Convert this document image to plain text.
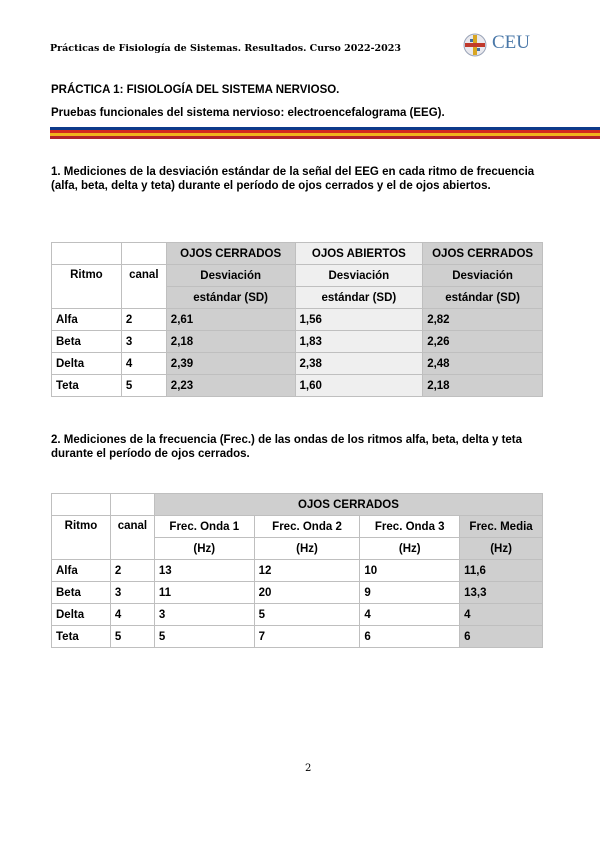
Prácticas de Fisiología de Sistemas. Resultados. Curso 2022-2023	CEU
PRÁCTICA 1: FISIOLOGÍA DEL SISTEMA NERVIOSO.
Pruebas funcionales del sistema nervioso: electroencefalograma (EEG).
1. Mediciones de la desviación estándar de la señal del EEG en cada ritmo de frecuencia (alfa, beta, delta y teta) durante el período de ojos cerrados y el de ojos abiertos.
		OJOS CERRADOS	OJOS ABIERTOS	OJOS CERRADOS
Ritmo	canal	Desviación	Desviación	Desviación
		estándar (SD)	estándar (SD)	estándar (SD)
Alfa	2	2,61	1,56	2,82
Beta	3	2,18	1,83	2,26
Delta	4	2,39	2,38	2,48
Teta	5	2,23	1,60	2,18
2. Mediciones de la frecuencia (Frec.) de las ondas de los ritmos alfa, beta, delta y teta durante el período de ojos cerrados.
		OJOS CERRADOS			
Ritmo	canal	Frec. Onda 1	Frec. Onda 2	Frec. Onda 3	Frec. Media
		(Hz)	(Hz)	(Hz)	(Hz)
Alfa	2	13	12	10	11,6
Beta	3	11	20	9	13,3
Delta	4	3	5	4	4
Teta	5	5	7	6	6
2
